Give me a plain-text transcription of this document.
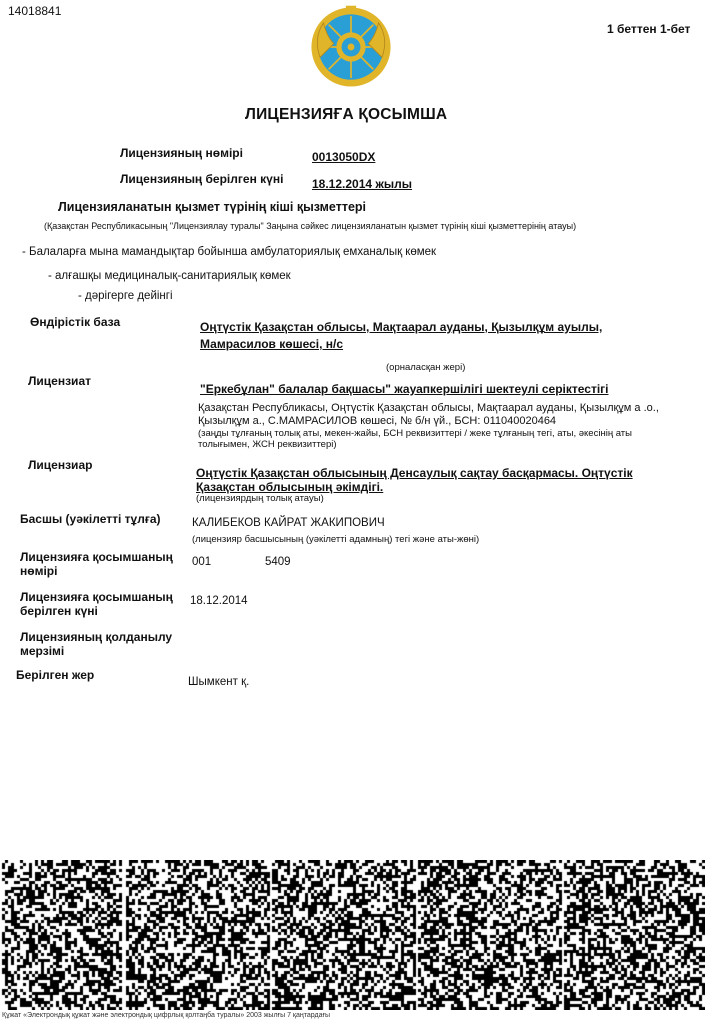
14018841
1 беттен 1-бет
ЛИЦЕНЗИЯҒА ҚОСЫМША
Лицензияның нөмірі	0013050DX
Лицензияның берілген күні 18.12.2014 жылы
Лицензияланатын қызмет түрінің кіші қызметтері
(Қазақстан Республикасының "Лицензиялау туралы" Заңына сәйкес лицензияланатын қызмет түрінің кіші қызметтерінің атауы)
- Балаларға мына мамандықтар бойынша амбулаториялық емханалық көмек
- алғашқы медициналық-санитариялық көмек
- дәрігерге дейінгі
Өндірістік база	Оңтүстік Қазақстан облысы, Мақтаарал ауданы, Қызылқұм ауылы,
Мамрасилов көшесі, н/с
(орналасқан жері)
Лицензиат
"Еркебұлан" балалар бақшасы" жауапкершілігі шектеулі серіктестігі
Қазақстан Республикасы, Оңтүстік Қазақстан облысы, Мақтаарал ауданы, Қызылқұм а .о., Қызылқұм а., С.МАМРАСИЛОВ көшесі, № б/н үй., БСН: 011040020464
(заңды тұлғаның толық аты, мекен-жайы, БСН реквизиттері / жеке тұлғаның тегі, аты, әкесінің аты толығымен, ЖСН реквизиттері)
Лицензиар
Оңтүстік Қазақстан облысының Денсаулық сақтау басқармасы. Оңтүстік
Қазақстан облысының әкімдігі.
(лицензиярдың толық атауы)
Басшы (уәкілетті тұлға)	КАЛИБЕКОВ КАЙРАТ ЖАКИПОВИЧ
(лицензияр басшысының (уәкілетті адамның) тегі және аты-жөні)
Лицензияға қосымшаның
нөмірі
001	5409
Лицензияға қосымшаның
берілген күні
18.12.2014
Лицензияның қолданылу
мерзімі
Берілген жер	Шымкент қ.
Құжат «Электрондық құжат және электрондық цифрлық қолтаңба туралы» 2003 жылғы 7 қаңтардағы
